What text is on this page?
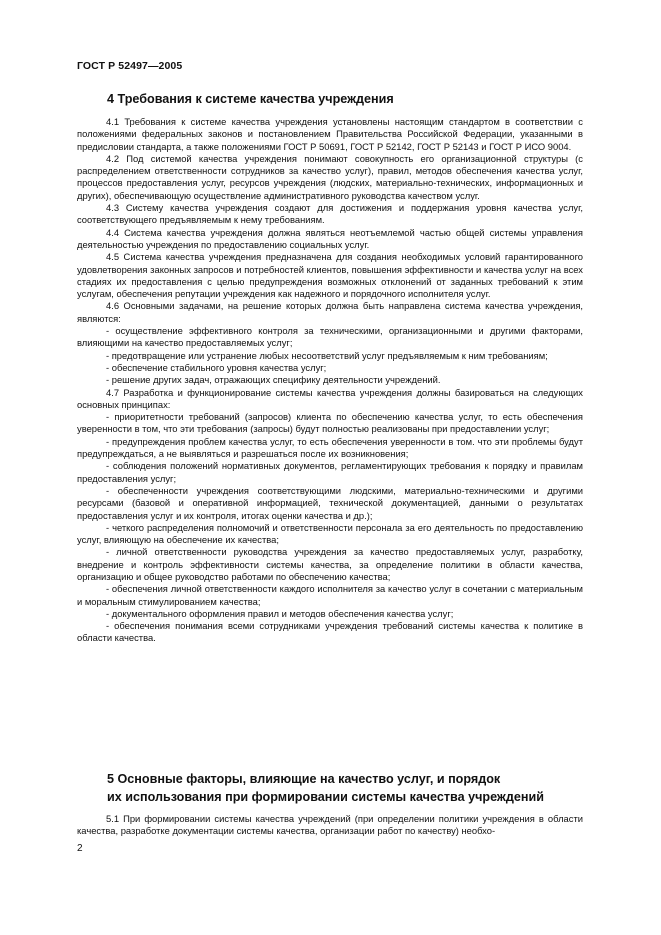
ГОСТ Р 52497—2005
4 Требования к системе качества учреждения

4.1 Требования к системе качества учреждения установлены настоящим стандартом в соответствии с положениями федеральных законов и постановлением Правительства Российской Федерации, указанными в предисловии стандарта, а также положениями ГОСТ Р 50691, ГОСТ Р 52142, ГОСТ Р 52143 и ГОСТ Р ИСО 9004.

4.2 Под системой качества учреждения понимают совокупность его организационной структуры (с распределением ответственности сотрудников за качество услуг), правил, методов обеспечения качества услуг, процессов предоставления услуг, ресурсов учреждения (людских, материально-технических, информационных и других), обеспечивающую осуществление административного руководства качеством услуг.

4.3 Систему качества учреждения создают для достижения и поддержания уровня качества услуг, соответствующего предъявляемым к нему требованиям.

4.4 Система качества учреждения должна являться неотъемлемой частью общей системы управления деятельностью учреждения по предоставлению социальных услуг.

4.5 Система качества учреждения предназначена для создания необходимых условий гарантированного удовлетворения законных запросов и потребностей клиентов, повышения эффективности и качества услуг на всех стадиях их предоставления с целью предупреждения возможных отклонений от заданных требований к этим услугам, обеспечения репутации учреждения как надежного и порядочного исполнителя услуг.

4.6 Основными задачами, на решение которых должна быть направлена система качества учреждения, являются:

- осуществление эффективного контроля за техническими, организационными и другими факторами, влияющими на качество предоставляемых услуг;

- предотвращение или устранение любых несоответствий услуг предъявляемым к ним требованиям;

- обеспечение стабильного уровня качества услуг;

- решение других задач, отражающих специфику деятельности учреждений.

4.7 Разработка и функционирование системы качества учреждения должны базироваться на следующих основных принципах:

- приоритетности требований (запросов) клиента по обеспечению качества услуг, то есть обеспечения уверенности в том, что эти требования (запросы) будут полностью реализованы при предоставлении услуг;

- предупреждения проблем качества услуг, то есть обеспечения уверенности в том. что эти проблемы будут предупреждаться, а не выявляться и разрешаться после их возникновения;

- соблюдения положений нормативных документов, регламентирующих требования к порядку и правилам предоставления услуг;

- обеспеченности учреждения соответствующими людскими, материально-техническими и другими ресурсами (базовой и оперативной информацией, технической документацией, данными о результатах предоставления услуг и их контроля, итогах оценки качества и др.);

- четкого распределения полномочий и ответственности персонала за его деятельность по предоставлению услуг, влияющую на обеспечение их качества;

- личной ответственности руководства учреждения за качество предоставляемых услуг, разработку, внедрение и контроль эффективности системы качества, за определение политики в области качества, организацию и общее руководство работами по обеспечению качества;

- обеспечения личной ответственности каждого исполнителя за качество услуг в сочетании с материальным и моральным стимулированием качества;

- документального оформления правил и методов обеспечения качества услуг;

- обеспечения понимания всеми сотрудниками учреждения требований системы качества к политике в области качества.

5 Основные факторы, влияющие на качество услуг, и порядок
их использования при формировании системы качества учреждений

5.1 При формировании системы качества учреждений (при определении политики учреждения в области качества, разработке документации системы качества, организации работ по качеству) необхо-

2
